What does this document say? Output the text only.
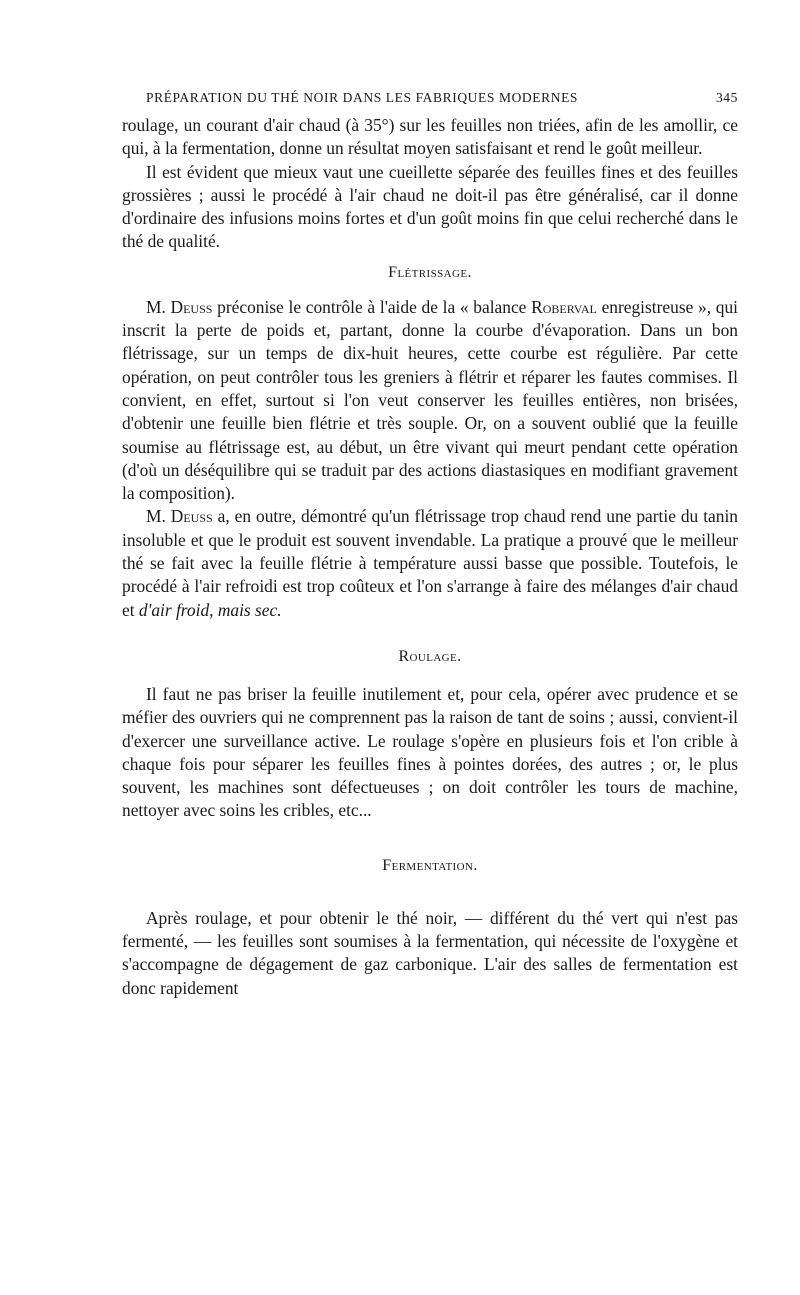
PRÉPARATION DU THÉ NOIR DANS LES FABRIQUES MODERNES	345

roulage, un courant d'air chaud (à 35°) sur les feuilles non triées, afin de les amollir, ce qui, à la fermentation, donne un résultat moyen satisfaisant et rend le goût meilleur.

Il est évident que mieux vaut une cueillette séparée des feuilles fines et des feuilles grossières ; aussi le procédé à l'air chaud ne doit-il pas être généralisé, car il donne d'ordinaire des infusions moins fortes et d'un goût moins fin que celui recherché dans le thé de qualité.

Flétrissage.

M. Deuss préconise le contrôle à l'aide de la « balance Roberval enregistreuse », qui inscrit la perte de poids et, partant, donne la courbe d'évaporation. Dans un bon flétrissage, sur un temps de dix-huit heures, cette courbe est régulière. Par cette opération, on peut contrôler tous les greniers à flétrir et réparer les fautes commises. Il convient, en effet, surtout si l'on veut conserver les feuilles entières, non brisées, d'obtenir une feuille bien flétrie et très souple. Or, on a souvent oublié que la feuille soumise au flétrissage est, au début, un être vivant qui meurt pendant cette opération (d'où un déséquilibre qui se traduit par des actions diastasiques en modifiant gravement la composition).

M. Deuss a, en outre, démontré qu'un flétrissage trop chaud rend une partie du tanin insoluble et que le produit est souvent invendable. La pratique a prouvé que le meilleur thé se fait avec la feuille flétrie à température aussi basse que possible. Toutefois, le procédé à l'air refroidi est trop coûteux et l'on s'arrange à faire des mélanges d'air chaud et d'air froid, mais sec.

Roulage.

Il faut ne pas briser la feuille inutilement et, pour cela, opérer avec prudence et se méfier des ouvriers qui ne comprennent pas la raison de tant de soins ; aussi, convient-il d'exercer une surveillance active. Le roulage s'opère en plusieurs fois et l'on crible à chaque fois pour séparer les feuilles fines à pointes dorées, des autres ; or, le plus souvent, les machines sont défectueuses ; on doit contrôler les tours de machine, nettoyer avec soins les cribles, etc...

Fermentation.

Après roulage, et pour obtenir le thé noir, — différent du thé vert qui n'est pas fermenté, — les feuilles sont soumises à la fermentation, qui nécessite de l'oxygène et s'accompagne de dégagement de gaz carbonique. L'air des salles de fermentation est donc rapidement
